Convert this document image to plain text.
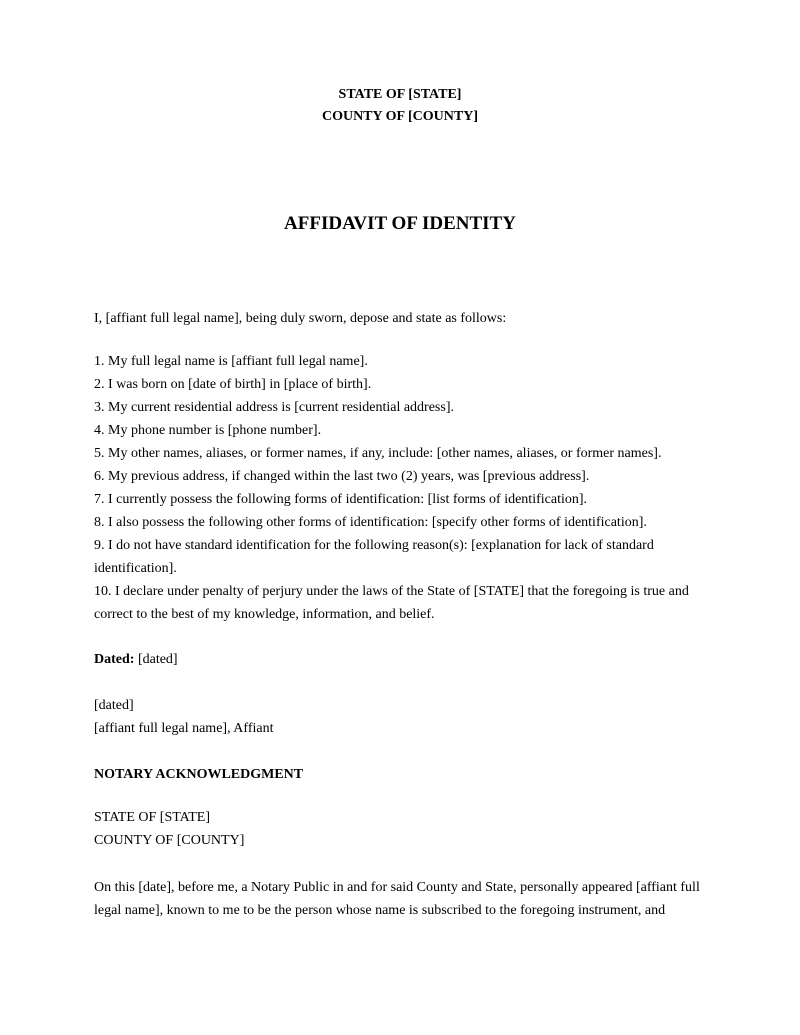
STATE OF [STATE]
COUNTY OF [COUNTY]
AFFIDAVIT OF IDENTITY
I, [affiant full legal name], being duly sworn, depose and state as follows:
1. My full legal name is [affiant full legal name].
2. I was born on [date of birth] in [place of birth].
3. My current residential address is [current residential address].
4. My phone number is [phone number].
5. My other names, aliases, or former names, if any, include: [other names, aliases, or former names].
6. My previous address, if changed within the last two (2) years, was [previous address].
7. I currently possess the following forms of identification: [list forms of identification].
8. I also possess the following other forms of identification: [specify other forms of identification].
9. I do not have standard identification for the following reason(s): [explanation for lack of standard identification].
10. I declare under penalty of perjury under the laws of the State of [STATE] that the foregoing is true and correct to the best of my knowledge, information, and belief.
Dated: [dated]
[dated]
[affiant full legal name], Affiant
NOTARY ACKNOWLEDGMENT
STATE OF [STATE]
COUNTY OF [COUNTY]
On this [date], before me, a Notary Public in and for said County and State, personally appeared [affiant full legal name], known to me to be the person whose name is subscribed to the foregoing instrument, and
